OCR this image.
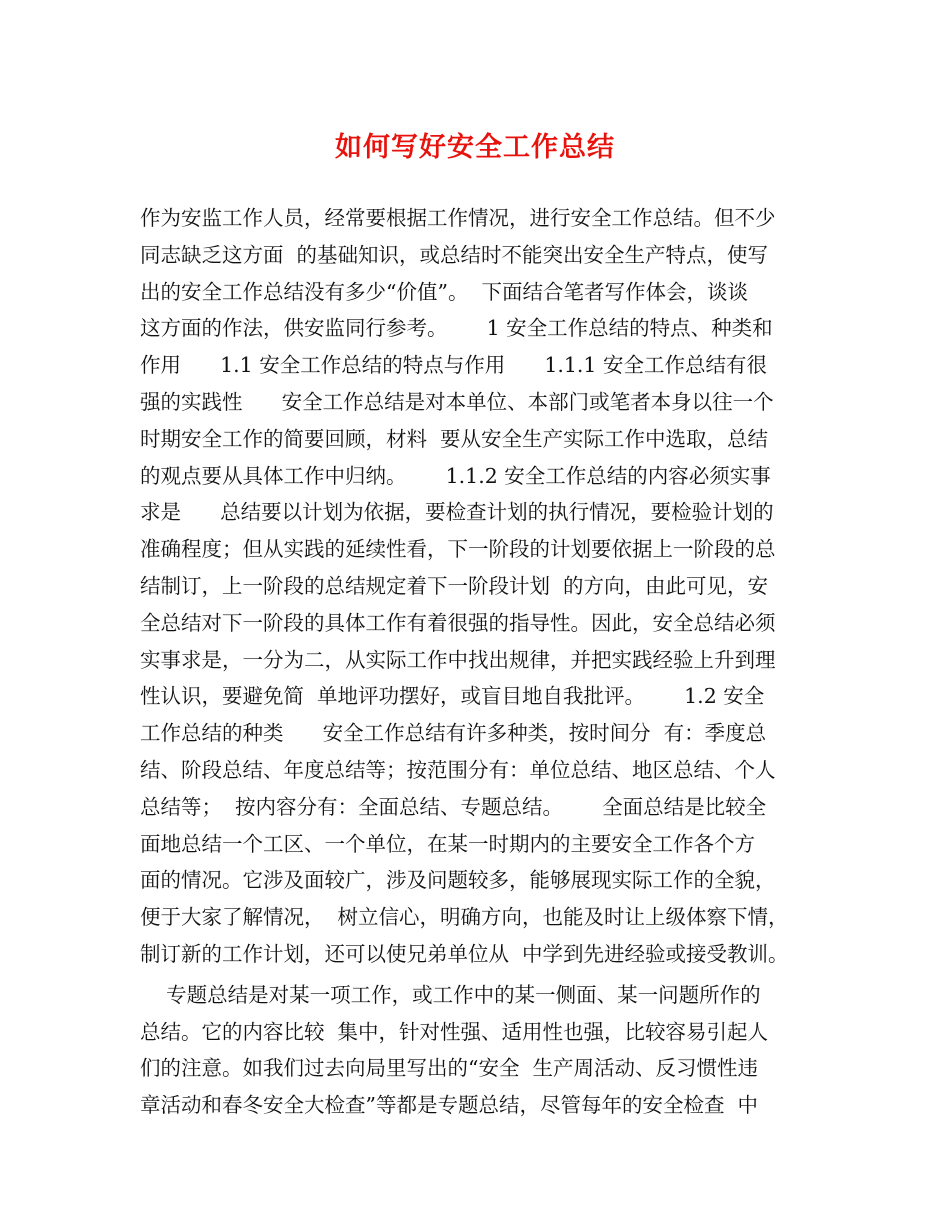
如何写好安全工作总结
作为安监工作人员，经常要根据工作情况，进行安全工作总结。但不少
同志缺乏这方面  的基础知识，或总结时不能突出安全生产特点，使写
出的安全工作总结没有多少“价值”。  下面结合笔者写作体会，谈谈
这方面的作法，供安监同行参考。      1 安全工作总结的特点、种类和
作用      1.1 安全工作总结的特点与作用      1.1.1 安全工作总结有很
强的实践性      安全工作总结是对本单位、本部门或笔者本身以往一个
时期安全工作的简要回顾，材料  要从安全生产实际工作中选取，总结
的观点要从具体工作中归纳。      1.1.2 安全工作总结的内容必须实事
求是      总结要以计划为依据，要检查计划的执行情况，要检验计划的
准确程度；但从实践的延续性看，下一阶段的计划要依据上一阶段的总
结制订，上一阶段的总结规定着下一阶段计划  的方向，由此可见，安
全总结对下一阶段的具体工作有着很强的指导性。因此，安全总结必须
实事求是，一分为二，从实际工作中找出规律，并把实践经验上升到理
性认识，要避免简  单地评功摆好，或盲目地自我批评。      1.2 安全
工作总结的种类      安全工作总结有许多种类，按时间分  有：季度总
结、阶段总结、年度总结等；按范围分有：单位总结、地区总结、个人
总结等；  按内容分有：全面总结、专题总结。      全面总结是比较全
面地总结一个工区、一个单位，在某一时期内的主要安全工作各个方
面的情况。它涉及面较广，涉及问题较多，能够展现实际工作的全貌，
便于大家了解情况，  树立信心，明确方向，也能及时让上级体察下情，
制订新的工作计划，还可以使兄弟单位从  中学到先进经验或接受教训。
专题总结是对某一项工作，或工作中的某一侧面、某一问题所作的
总结。它的内容比较  集中，针对性强、适用性也强，比较容易引起人
们的注意。如我们过去向局里写出的“安全  生产周活动、反习惯性违
章活动和春冬安全大检查”等都是专题总结，尽管每年的安全检查  中
